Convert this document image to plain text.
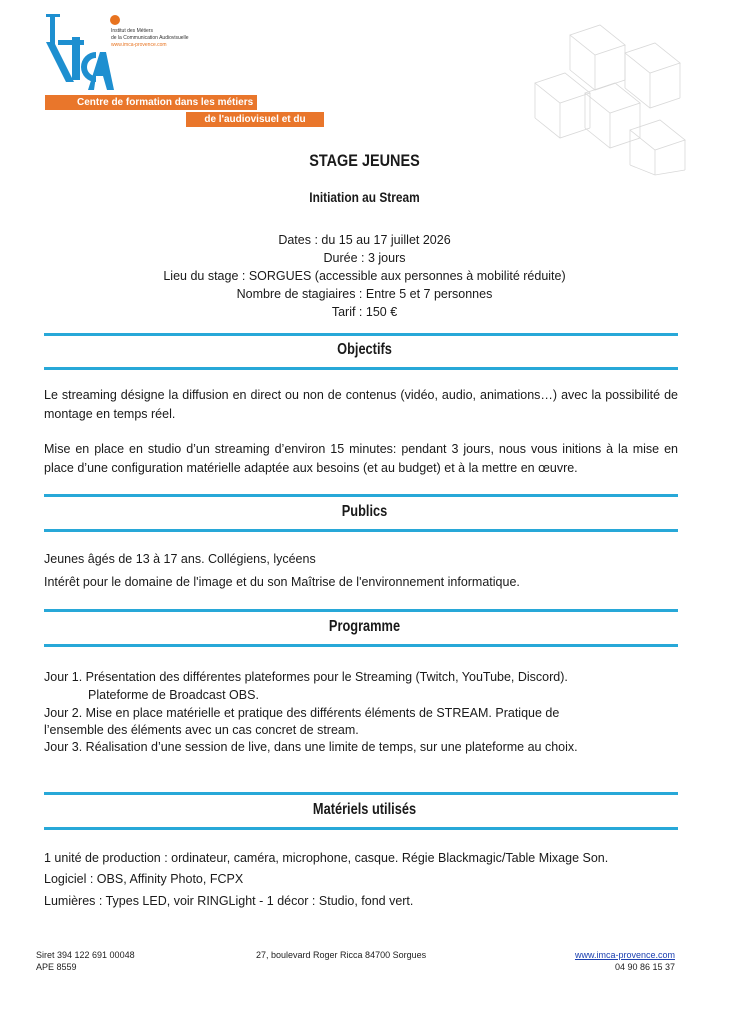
Institut des Métiers
de la Communication Audiovisuelle
www.imca-provence.com
Centre de formation dans les métiers
de l'audiovisuel et du scénario
STAGE JEUNES
Initiation au Stream
Dates : du 15 au 17 juillet 2026
Durée : 3 jours
Lieu du stage : SORGUES (accessible aux personnes à mobilité réduite)
Nombre de stagiaires : Entre 5 et 7 personnes
Tarif : 150 €
Objectifs
Le streaming désigne la diffusion en direct ou non de contenus (vidéo, audio, animations…) avec la possibilité de montage en temps réel.
Mise en place en studio d’un streaming d’environ 15 minutes: pendant 3 jours, nous vous initions à la mise en place d’une configuration matérielle adaptée aux besoins (et au budget) et à la mettre en œuvre.
Publics
Jeunes âgés de 13 à 17 ans. Collégiens, lycéens
Intérêt pour le domaine de l'image et du son Maîtrise de l'environnement informatique.
Programme
Jour 1. Présentation des différentes plateformes pour le Streaming (Twitch, YouTube, Discord).
Plateforme de Broadcast OBS.
Jour 2. Mise en place matérielle et pratique des différents éléments de STREAM. Pratique de
l’ensemble des éléments avec un cas concret de stream.
Jour 3. Réalisation d’une session de live, dans une limite de temps, sur une plateforme au choix.
Matériels utilisés
1 unité de production : ordinateur, caméra, microphone, casque. Régie Blackmagic/Table Mixage Son.
Logiciel : OBS, Affinity Photo, FCPX
Lumières : Types LED, voir RINGLight - 1 décor : Studio, fond vert.
Siret 394 122 691 00048
APE 8559
27, boulevard Roger Ricca 84700 Sorgues	www.imca-provence.com
04 90 86 15 37
